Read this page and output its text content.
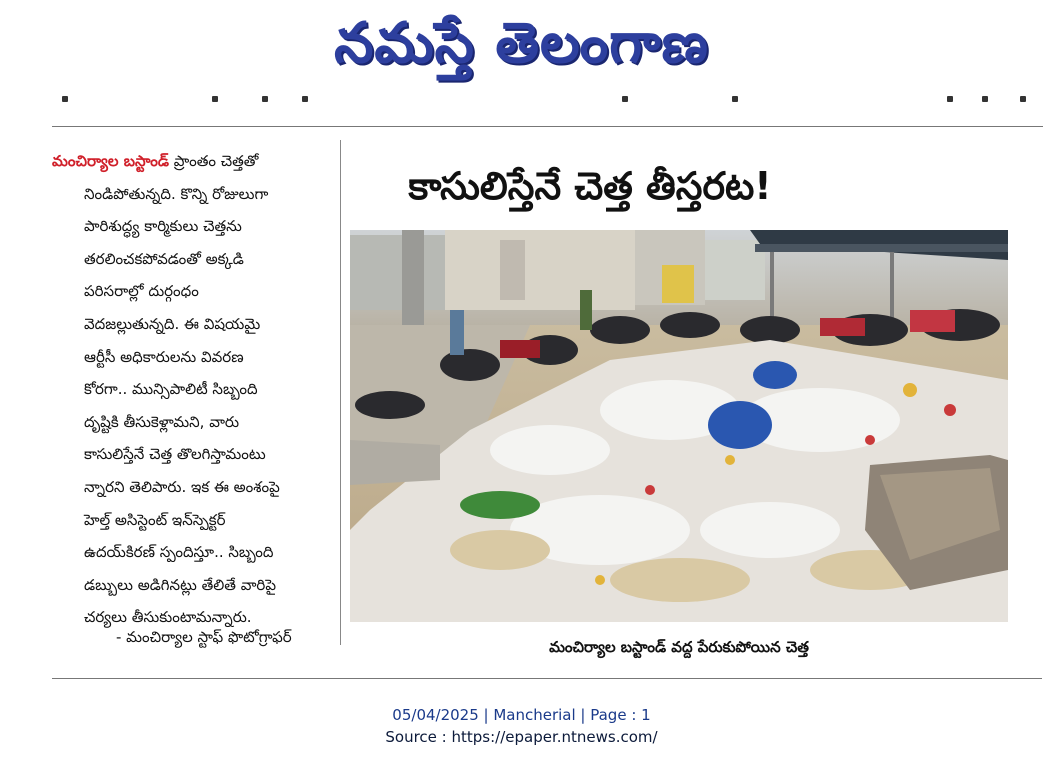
నమస్తే తెలంగాణ

మంచిర్యాల బస్టాండ్ ప్రాంతం చెత్తతో

నిండిపోతున్నది. కొన్ని రోజులుగా

పారిశుద్ధ్య కార్మికులు చెత్తను

తరలించకపోవడంతో అక్కడి

పరిసరాల్లో దుర్గంధం

వెదజల్లుతున్నది. ఈ విషయమై

ఆర్టీసీ అధికారులను వివరణ

కోరగా.. మున్సిపాలిటీ సిబ్బంది

దృష్టికి తీసుకెళ్లామని, వారు

కాసులిస్తేనే చెత్త తొలగిస్తామంటు

న్నారని తెలిపారు. ఇక ఈ అంశంపై

హెల్త్ అసిస్టెంట్ ఇన్‌స్పెక్టర్

ఉదయ్‌కిరణ్ స్పందిస్తూ.. సిబ్బంది

డబ్బులు అడిగినట్లు తేలితే వారిపై

చర్యలు తీసుకుంటామన్నారు.

- మంచిర్యాల స్టాఫ్ ఫొటోగ్రాఫర్
కాసులిస్తేనే చెత్త తీస్తరట!
మంచిర్యాల బస్టాండ్ వద్ద పేరుకుపోయిన చెత్త
05/04/2025 | Mancherial | Page : 1
Source : https://epaper.ntnews.com/
